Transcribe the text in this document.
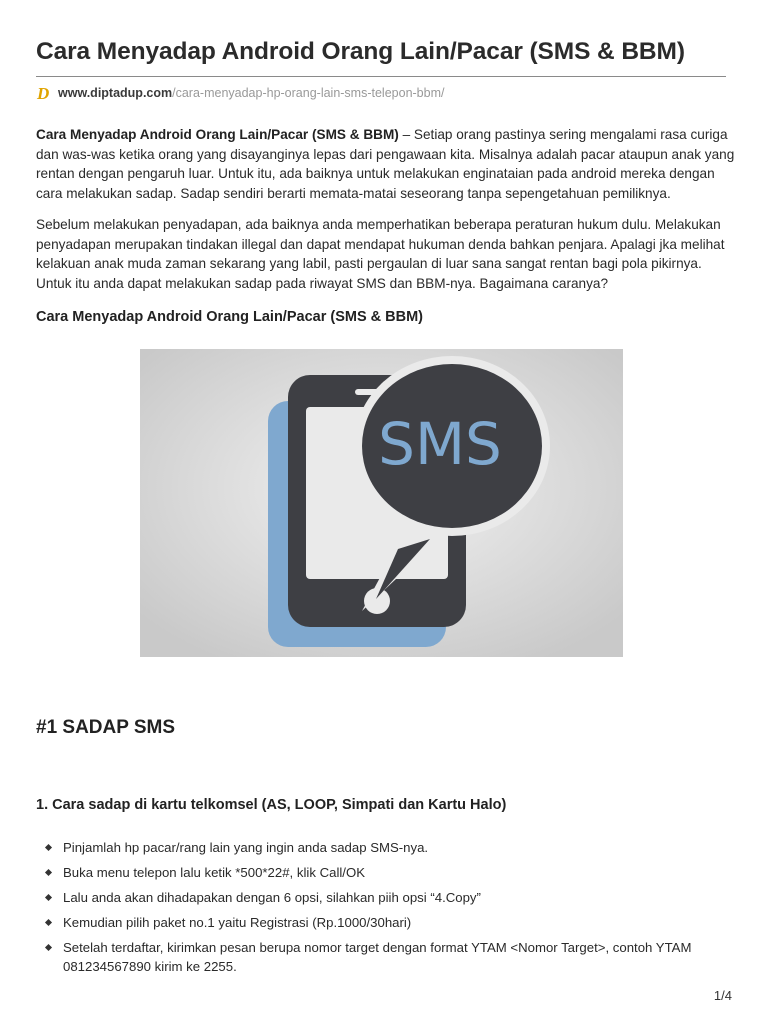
Cara Menyadap Android Orang Lain/Pacar (SMS & BBM)
D www.diptadup.com /cara-menyadap-hp-orang-lain-sms-telepon-bbm/

Cara Menyadap Android Orang Lain/Pacar (SMS & BBM) – Setiap orang pastinya sering mengalami rasa curiga dan was-was ketika orang yang disayanginya lepas dari pengawaan kita. Misalnya adalah pacar ataupun anak yang rentan dengan pengaruh luar. Untuk itu, ada baiknya untuk melakukan enginataian pada android mereka dengan cara melakukan sadap. Sadap sendiri berarti memata-matai seseorang tanpa sepengetahuan pemiliknya.

Sebelum melakukan penyadapan, ada baiknya anda memperhatikan beberapa peraturan hukum dulu. Melakukan penyadapan merupakan tindakan illegal dan dapat mendapat hukuman denda bahkan penjara. Apalagi jka melihat kelakuan anak muda zaman sekarang yang labil, pasti pergaulan di luar sana sangat rentan bagi pola pikirnya. Untuk itu anda dapat melakukan sadap pada riwayat SMS dan BBM-nya. Bagaimana caranya?

Cara Menyadap Android Orang Lain/Pacar (SMS & BBM)
SMS
#1 SADAP SMS
1. Cara sadap di kartu telkomsel (AS, LOOP, Simpati dan Kartu Halo)
Pinjamlah hp pacar/rang lain yang ingin anda sadap SMS-nya.
Buka menu telepon lalu ketik *500*22#, klik Call/OK
Lalu anda akan dihadapakan dengan 6 opsi, silahkan piih opsi “4.Copy”
Kemudian pilih paket no.1 yaitu Registrasi (Rp.1000/30hari)
Setelah terdaftar, kirimkan pesan berupa nomor target dengan format YTAM <Nomor Target>, contoh YTAM 081234567890 kirim ke 2255.
1/4
